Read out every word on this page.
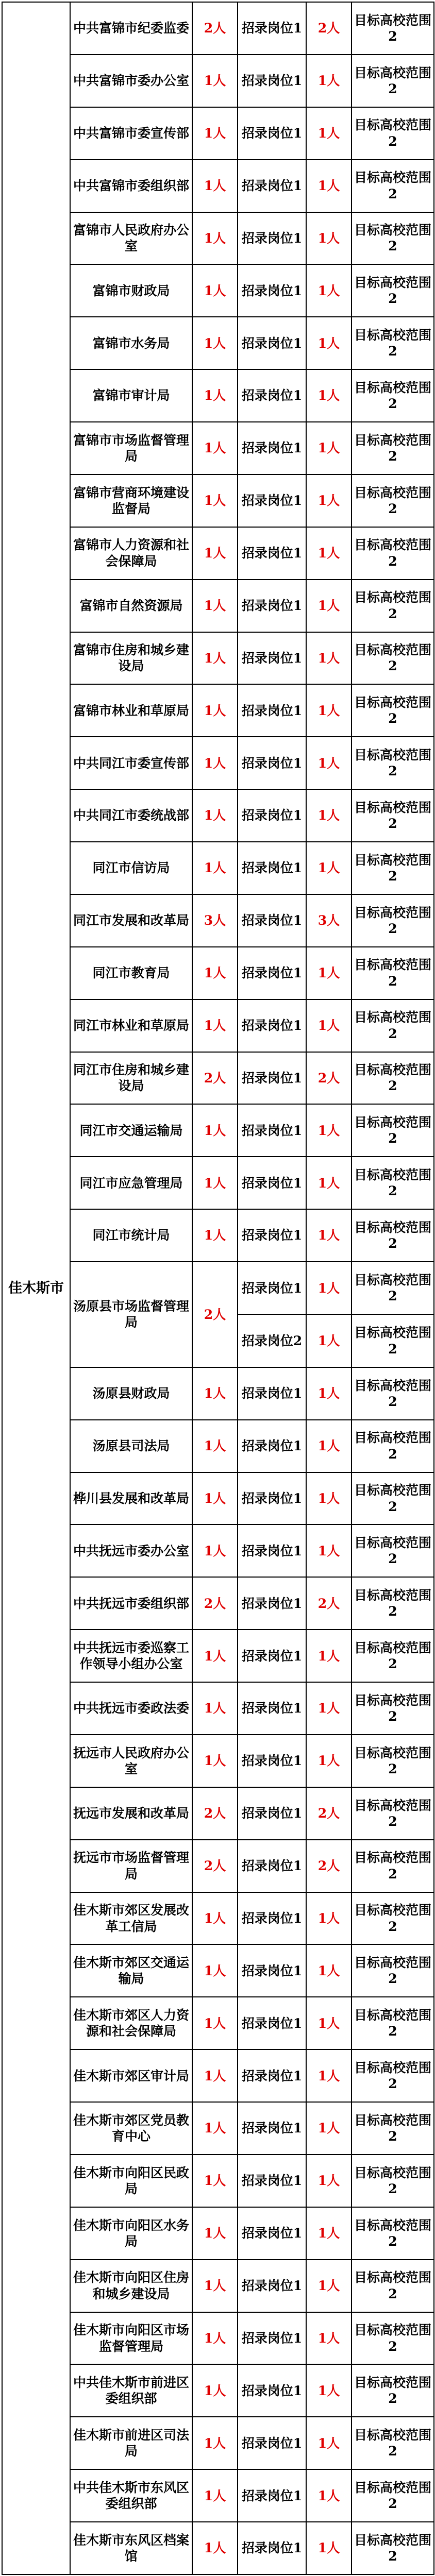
佳木斯市	中共富锦市纪委监委	2人	招录岗位1	2人	目标高校范围2
	中共富锦市委办公室	1人	招录岗位1	1人	目标高校范围2
	中共富锦市委宣传部	1人	招录岗位1	1人	目标高校范围2
	中共富锦市委组织部	1人	招录岗位1	1人	目标高校范围2
	富锦市人民政府办公室	1人	招录岗位1	1人	目标高校范围2
	富锦市财政局	1人	招录岗位1	1人	目标高校范围2
	富锦市水务局	1人	招录岗位1	1人	目标高校范围2
	富锦市审计局	1人	招录岗位1	1人	目标高校范围2
	富锦市市场监督管理局	1人	招录岗位1	1人	目标高校范围2
	富锦市营商环境建设监督局	1人	招录岗位1	1人	目标高校范围2
	富锦市人力资源和社会保障局	1人	招录岗位1	1人	目标高校范围2
	富锦市自然资源局	1人	招录岗位1	1人	目标高校范围2
	富锦市住房和城乡建设局	1人	招录岗位1	1人	目标高校范围2
	富锦市林业和草原局	1人	招录岗位1	1人	目标高校范围2
	中共同江市委宣传部	1人	招录岗位1	1人	目标高校范围2
	中共同江市委统战部	1人	招录岗位1	1人	目标高校范围2
	同江市信访局	1人	招录岗位1	1人	目标高校范围2
	同江市发展和改革局	3人	招录岗位1	3人	目标高校范围2
	同江市教育局	1人	招录岗位1	1人	目标高校范围2
	同江市林业和草原局	1人	招录岗位1	1人	目标高校范围2
	同江市住房和城乡建设局	2人	招录岗位1	2人	目标高校范围2
	同江市交通运输局	1人	招录岗位1	1人	目标高校范围2
	同江市应急管理局	1人	招录岗位1	1人	目标高校范围2
	同江市统计局	1人	招录岗位1	1人	目标高校范围2
	汤原县市场监督管理局	2人	招录岗位1	1人	目标高校范围2
			招录岗位2	1人	目标高校范围2
	汤原县财政局	1人	招录岗位1	1人	目标高校范围2
	汤原县司法局	1人	招录岗位1	1人	目标高校范围2
	桦川县发展和改革局	1人	招录岗位1	1人	目标高校范围2
	中共抚远市委办公室	1人	招录岗位1	1人	目标高校范围2
	中共抚远市委组织部	2人	招录岗位1	2人	目标高校范围2
	中共抚远市委巡察工作领导小组办公室	1人	招录岗位1	1人	目标高校范围2
	中共抚远市委政法委	1人	招录岗位1	1人	目标高校范围2
	抚远市人民政府办公室	1人	招录岗位1	1人	目标高校范围2
	抚远市发展和改革局	2人	招录岗位1	2人	目标高校范围2
	抚远市市场监督管理局	2人	招录岗位1	2人	目标高校范围2
	佳木斯市郊区发展改革工信局	1人	招录岗位1	1人	目标高校范围2
	佳木斯市郊区交通运输局	1人	招录岗位1	1人	目标高校范围2
	佳木斯市郊区人力资源和社会保障局	1人	招录岗位1	1人	目标高校范围2
	佳木斯市郊区审计局	1人	招录岗位1	1人	目标高校范围2
	佳木斯市郊区党员教育中心	1人	招录岗位1	1人	目标高校范围2
	佳木斯市向阳区民政局	1人	招录岗位1	1人	目标高校范围2
	佳木斯市向阳区水务局	1人	招录岗位1	1人	目标高校范围2
	佳木斯市向阳区住房和城乡建设局	1人	招录岗位1	1人	目标高校范围2
	佳木斯市向阳区市场监督管理局	1人	招录岗位1	1人	目标高校范围2
	中共佳木斯市前进区委组织部	1人	招录岗位1	1人	目标高校范围2
	佳木斯市前进区司法局	1人	招录岗位1	1人	目标高校范围2
	中共佳木斯市东风区委组织部	1人	招录岗位1	1人	目标高校范围2
	佳木斯市东风区档案馆	1人	招录岗位1	1人	目标高校范围2
